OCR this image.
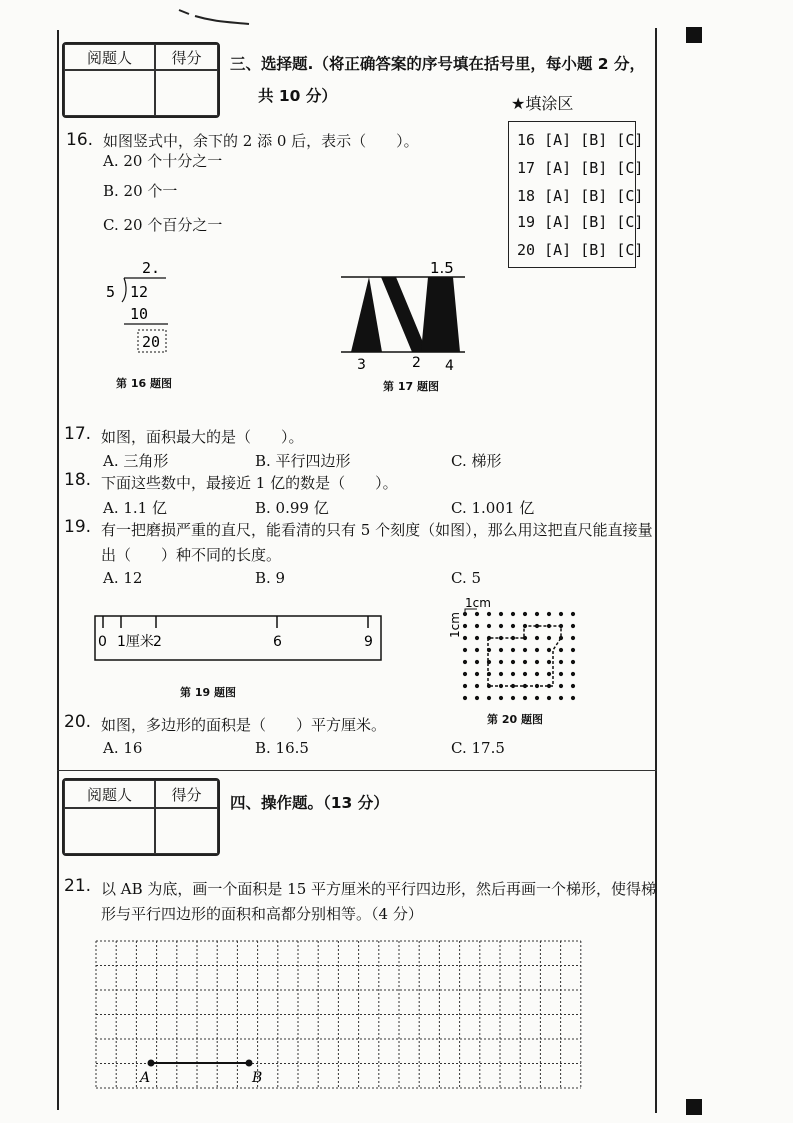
阅题人	得分
	三、选择题.（将正确答案的序号填在括号里，每小题 2 分，
共 10 分）	★填涂区
16 [A] [B] [C]
17 [A] [B] [C]
18 [A] [B] [C]
19 [A] [B] [C]
20 [A] [B] [C]
16. 如图竖式中，余下的 2 添 0 后，表示（　　）。
A. 20 个十分之一
B. 20 个一
C. 20 个百分之一
2.
5 12
10
20
第 16 题图
1.5
3	2 4
第 17 题图
17. 如图，面积最大的是（　　）。
A. 三角形	B. 平行四边形	C. 梯形
18. 下面这些数中，最接近 1 亿的数是（　　）。
A. 1.1 亿	B. 0.99 亿	C. 1.001 亿
19. 有一把磨损严重的直尺，能看清的只有 5 个刻度（如图），那么用这把直尺能直接量
出（　　）种不同的长度。
A. 12	B. 9	C. 5
0 1厘米 2	6	9
第 19 题图
1cm
1cm
第 20 题图
20. 如图，多边形的面积是（　　）平方厘米。
A. 16	B. 16.5	C. 17.5
阅题人	得分
	四、操作题。（13 分）
21. 以 AB 为底，画一个面积是 15 平方厘米的平行四边形，然后再画一个梯形，使得梯
形与平行四边形的面积和高都分别相等。（4 分）
A	B
